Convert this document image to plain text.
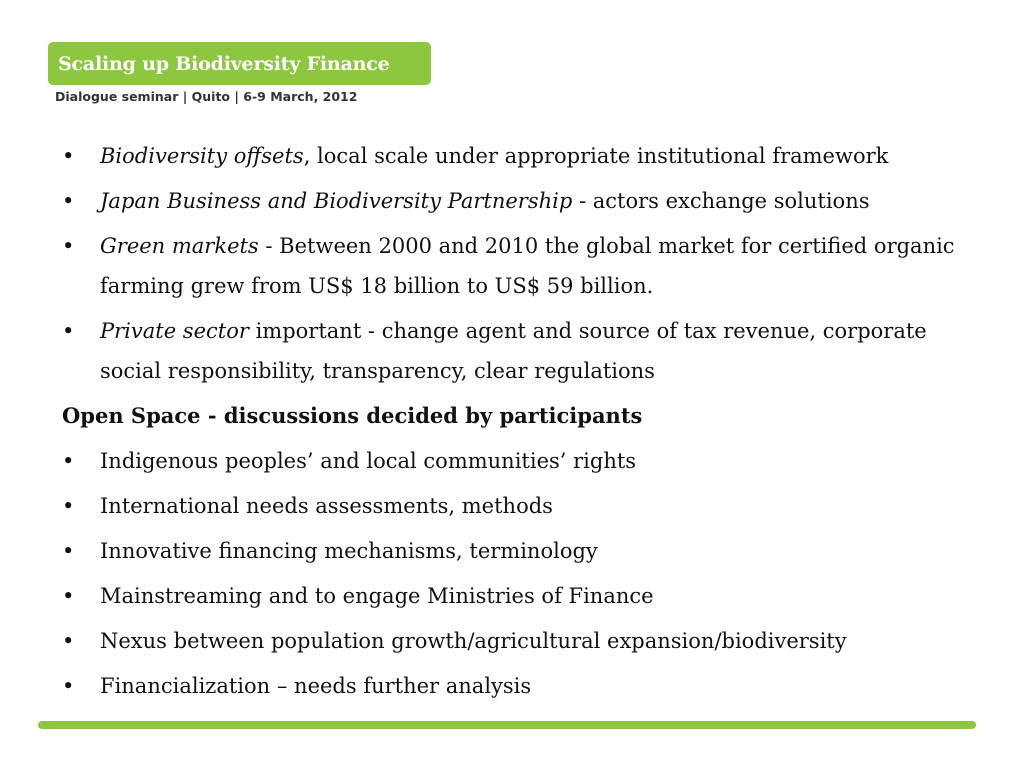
Scaling up Biodiversity Finance
Dialogue seminar | Quito | 6-9 March, 2012
•	Biodiversity offsets, local scale under appropriate institutional framework
•	Japan Business and Biodiversity Partnership - actors exchange solutions
•	Green markets - Between 2000 and 2010 the global market for certified organic farming grew from US$ 18 billion to US$ 59 billion.
•	Private sector important - change agent and source of tax revenue, corporate social responsibility, transparency, clear regulations
Open Space - discussions decided by participants
•	Indigenous peoples’ and local communities’ rights
•	International needs assessments, methods
•	Innovative financing mechanisms, terminology
•	Mainstreaming and to engage Ministries of Finance
•	Nexus between population growth/agricultural expansion/biodiversity
•	Financialization – needs further analysis
